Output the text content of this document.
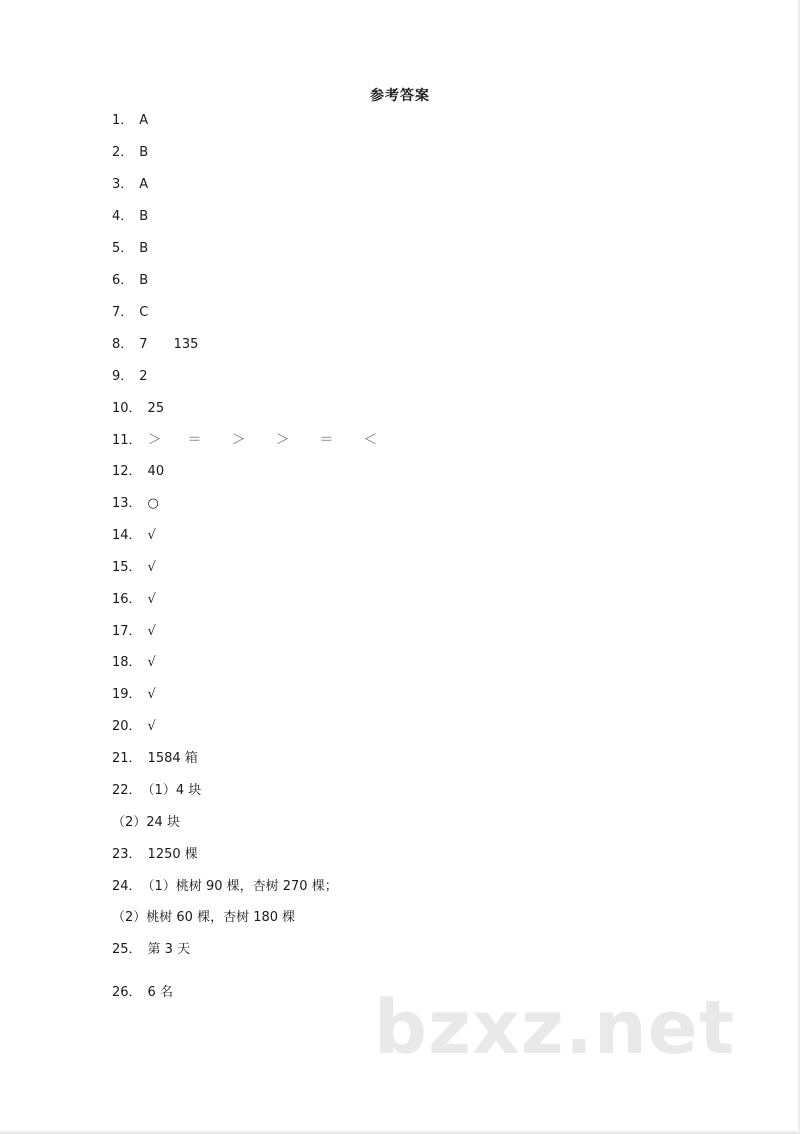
参考答案
1． A
2． B
3． A
4． B
5． B
6． B
7． C
8． 7 135
9． 2
10． 25
11． ＞ ＝ ＞ ＞ ＝ ＜
12． 40
13． ○
14． √
15． √
16． √
17． √
18． √
19． √
20． √
21． 1584 箱
22．（1）4 块
（2）24 块
23． 1250 棵
24．（1）桃树 90 棵，杏树 270 棵；
（2）桃树 60 棵，杏树 180 棵
25． 第 3 天
26． 6 名	bzxz.net
